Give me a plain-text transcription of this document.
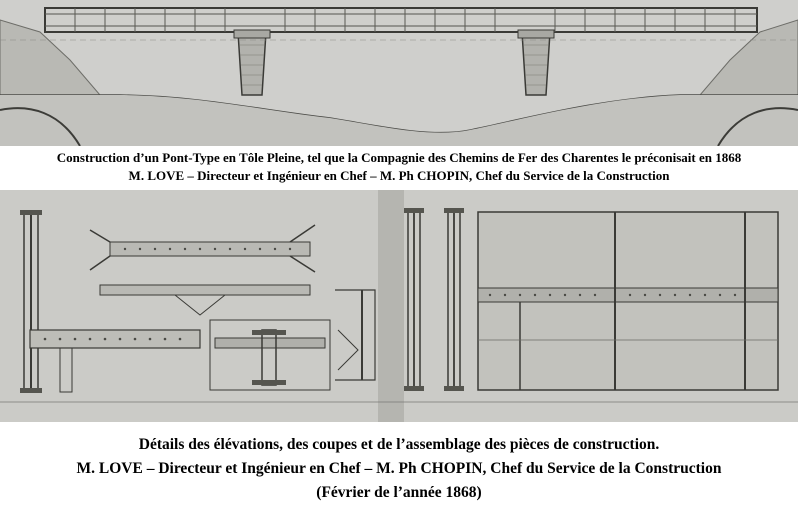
Construction d’un Pont-Type en Tôle Pleine, tel que la Compagnie des Chemins de Fer des Charentes le préconisait en 1868
M. LOVE – Directeur et Ingénieur en Chef – M. Ph CHOPIN, Chef du Service de la Construction
Détails des élévations, des coupes et de l’assemblage des pièces de construction.
M. LOVE – Directeur et Ingénieur en Chef – M. Ph CHOPIN, Chef du Service de la Construction
(Février de l’année 1868)
